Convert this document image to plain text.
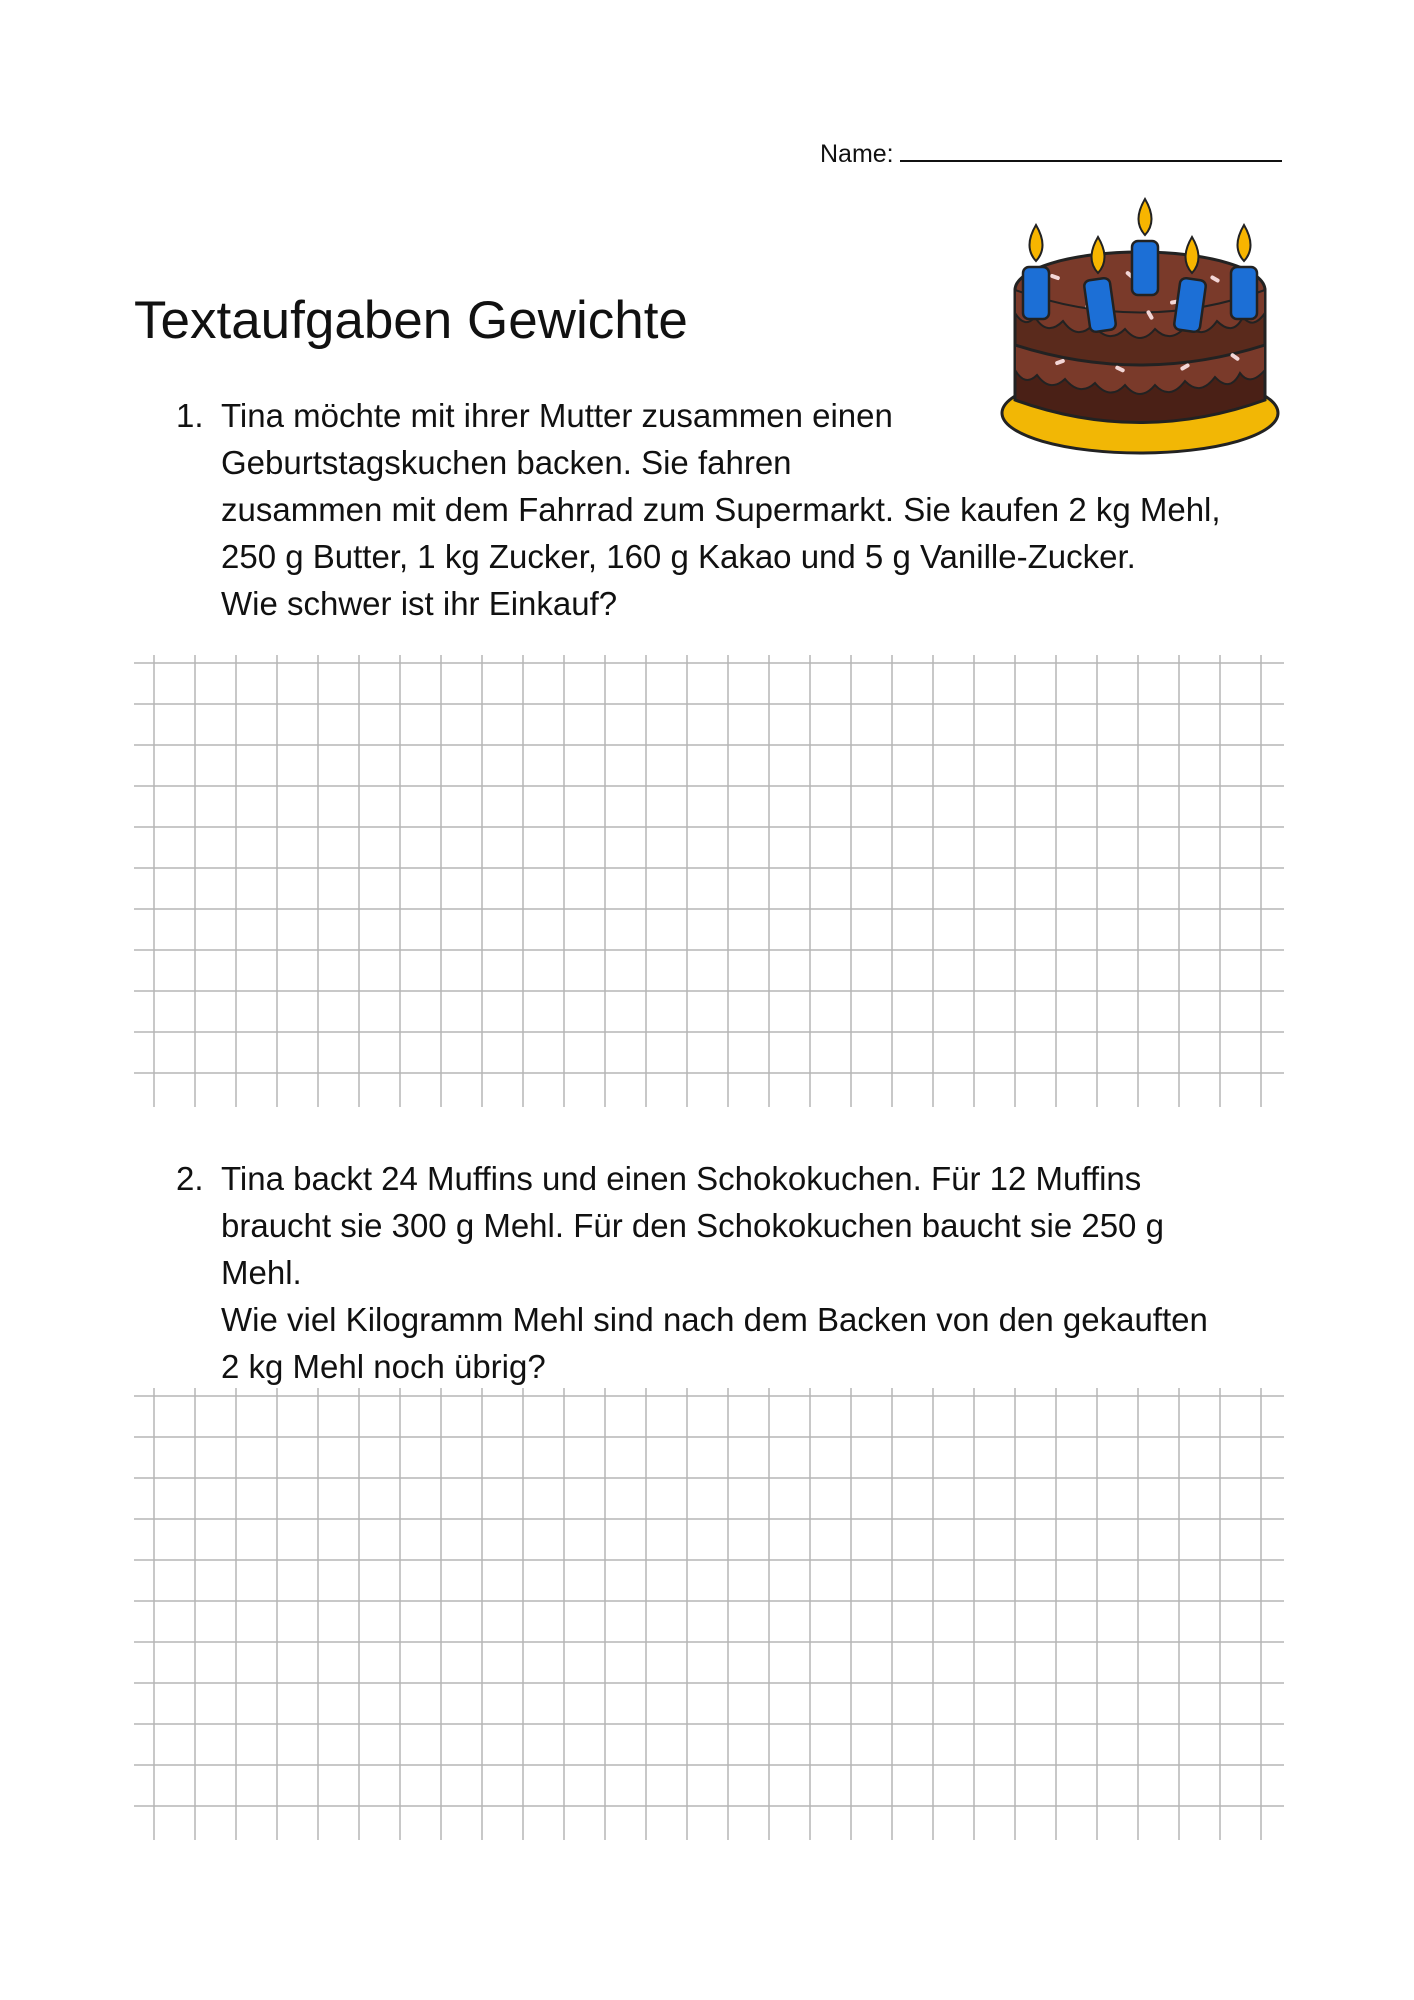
Name:
Textaufgaben Gewichte
1. Tina möchte mit ihrer Mutter zusammen einen
Geburtstagskuchen backen. Sie fahren
zusammen mit dem Fahrrad zum Supermarkt. Sie kaufen 2 kg Mehl,
250 g Butter, 1 kg Zucker, 160 g Kakao und 5 g Vanille-Zucker.
Wie schwer ist ihr Einkauf?
2. Tina backt 24 Muffins und einen Schokokuchen. Für 12 Muffins
braucht sie 300 g Mehl. Für den Schokokuchen baucht sie 250 g
Mehl.
Wie viel Kilogramm Mehl sind nach dem Backen von den gekauften
2 kg Mehl noch übrig?
